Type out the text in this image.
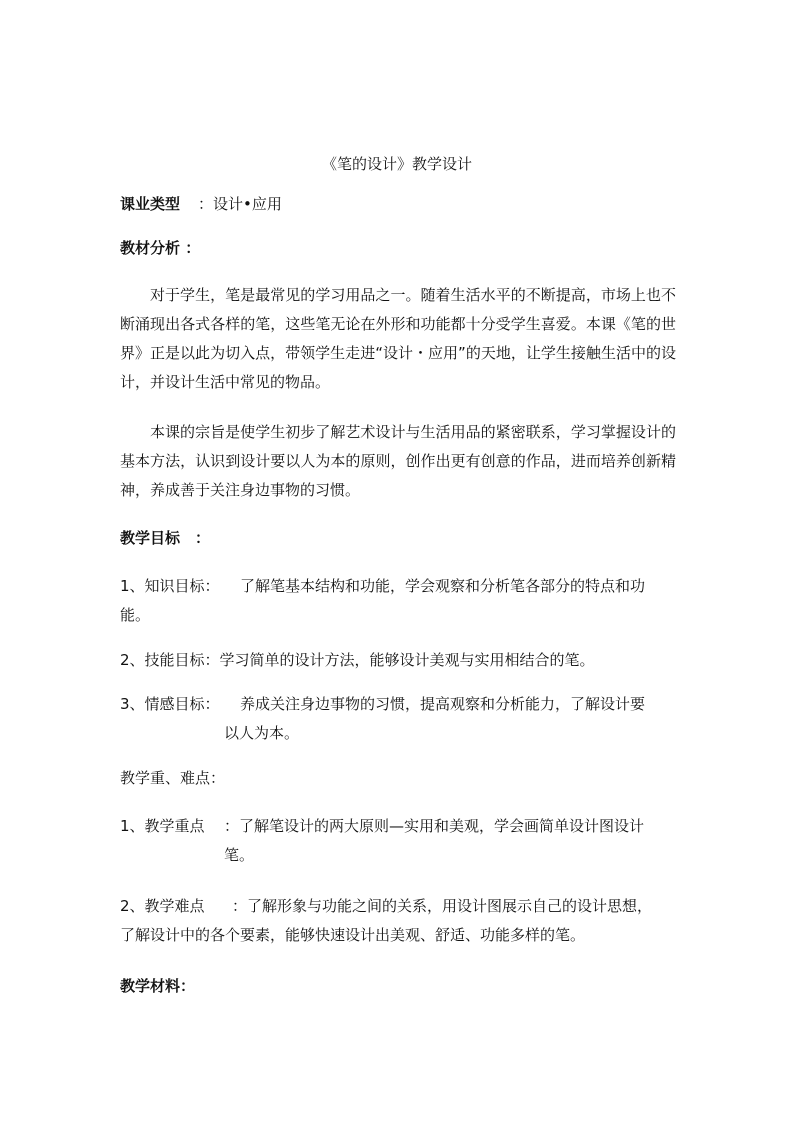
《笔的设计》教学设计
课业类型 ：设计•应用
教材分析 ：
对于学生，笔是最常见的学习用品之一。随着生活水平的不断提高，市场上也不断涌现出各式各样的笔，这些笔无论在外形和功能都十分受学生喜爱。本课《笔的世界》正是以此为切入点，带领学生走进“设计・应用”的天地，让学生接触生活中的设计，并设计生活中常见的物品。
本课的宗旨是使学生初步了解艺术设计与生活用品的紧密联系，学习掌握设计的基本方法，认识到设计要以人为本的原则，创作出更有创意的作品，进而培养创新精神，养成善于关注身边事物的习惯。
教学目标　：
1、知识目标： 了解笔基本结构和功能，学会观察和分析笔各部分的特点和功
能。
2、技能目标：学习简单的设计方法，能够设计美观与实用相结合的笔。
3、情感目标： 养成关注身边事物的习惯，提高观察和分析能力，了解设计要
以人为本。
教学重、难点：
1、教学重点 ：了解笔设计的两大原则—实用和美观，学会画简单设计图设计
笔。
2、教学难点 ：了解形象与功能之间的关系，用设计图展示自己的设计思想，
了解设计中的各个要素，能够快速设计出美观、舒适、功能多样的笔。
教学材料：
